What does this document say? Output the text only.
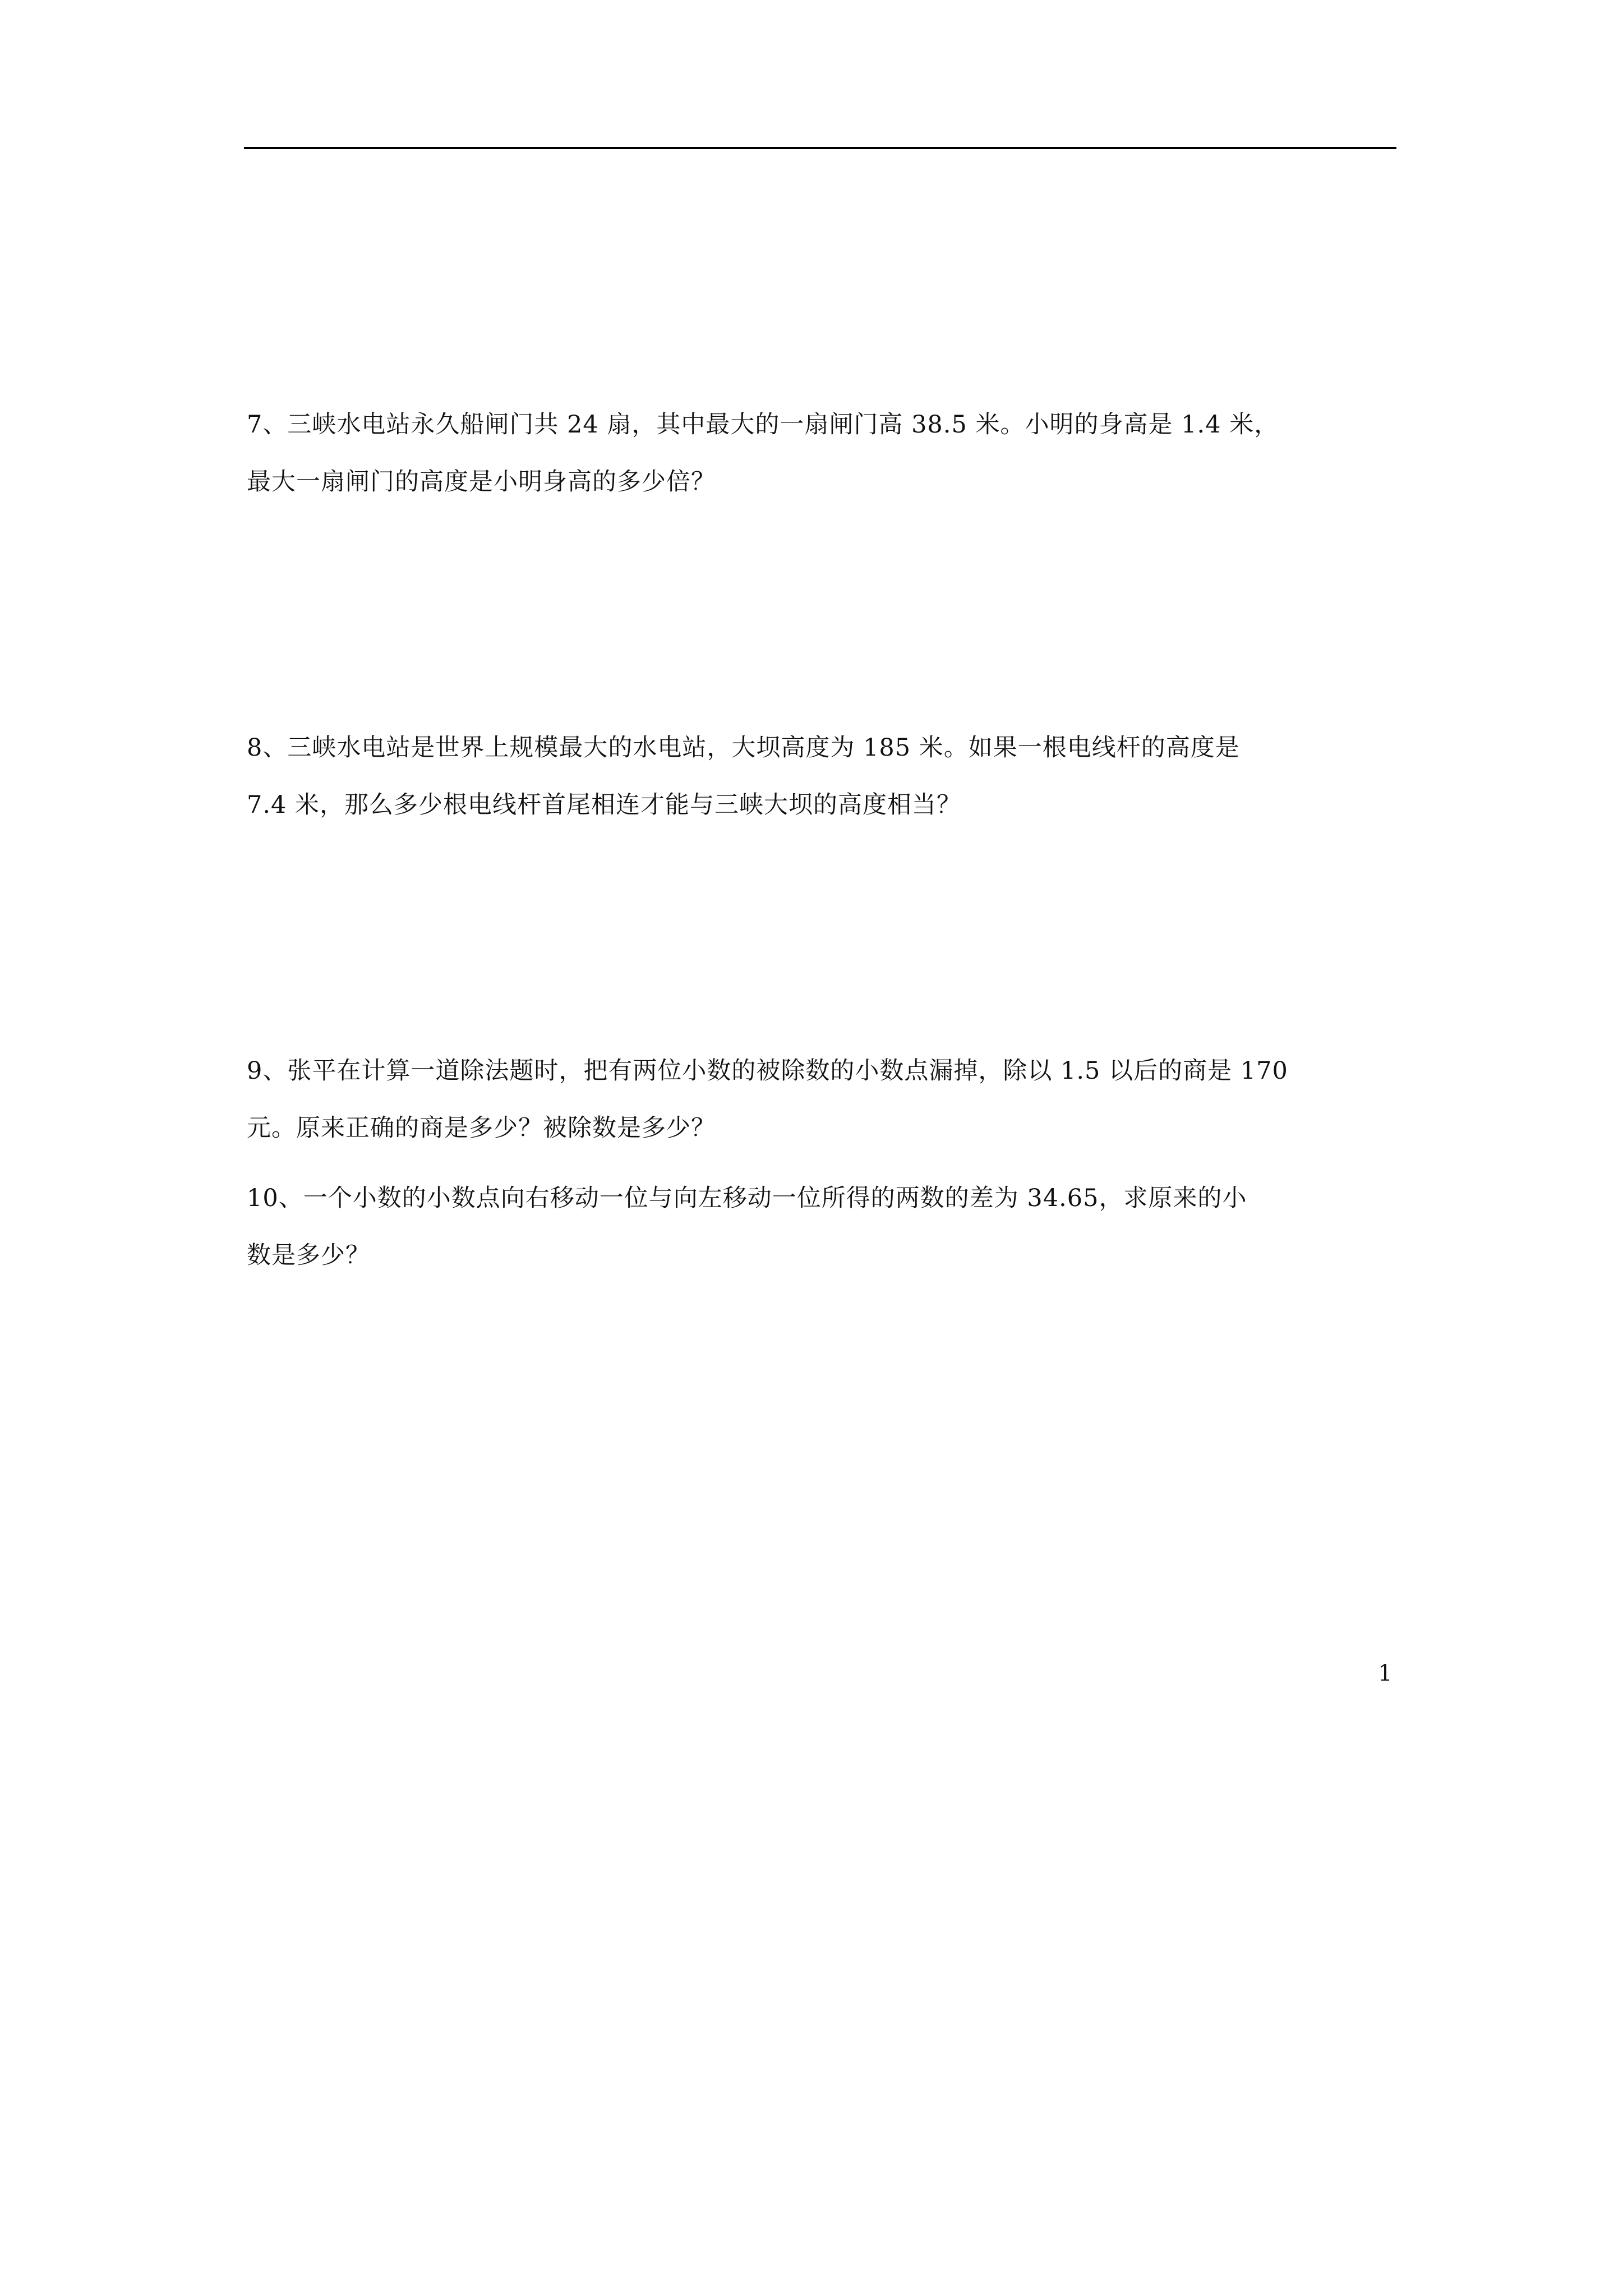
7、三峡水电站永久船闸门共 24 扇，其中最大的一扇闸门高 38.5 米。小明的身高是 1.4 米，
最大一扇闸门的高度是小明身高的多少倍？
8、三峡水电站是世界上规模最大的水电站，大坝高度为 185 米。如果一根电线杆的高度是
7.4 米，那么多少根电线杆首尾相连才能与三峡大坝的高度相当？
9、张平在计算一道除法题时，把有两位小数的被除数的小数点漏掉，除以 1.5 以后的商是 170
元。原来正确的商是多少？被除数是多少？
10、一个小数的小数点向右移动一位与向左移动一位所得的两数的差为 34.65，求原来的小
数是多少？
1
